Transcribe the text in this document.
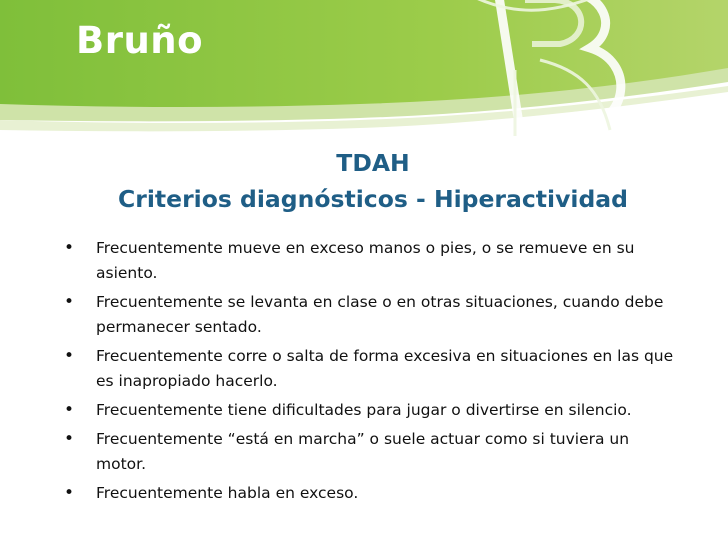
Bruño
TDAH
Criterios diagnósticos - Hiperactividad
• Frecuentemente mueve en exceso manos o pies, o se remueve en su asiento.
• Frecuentemente se levanta en clase o en otras situaciones, cuando debe permanecer sentado.
• Frecuentemente corre o salta de forma excesiva en situaciones en las que es inapropiado hacerlo.
• Frecuentemente tiene dificultades para jugar o divertirse en silencio.
• Frecuentemente “está en marcha” o suele actuar como si tuviera un motor.
• Frecuentemente habla en exceso.
